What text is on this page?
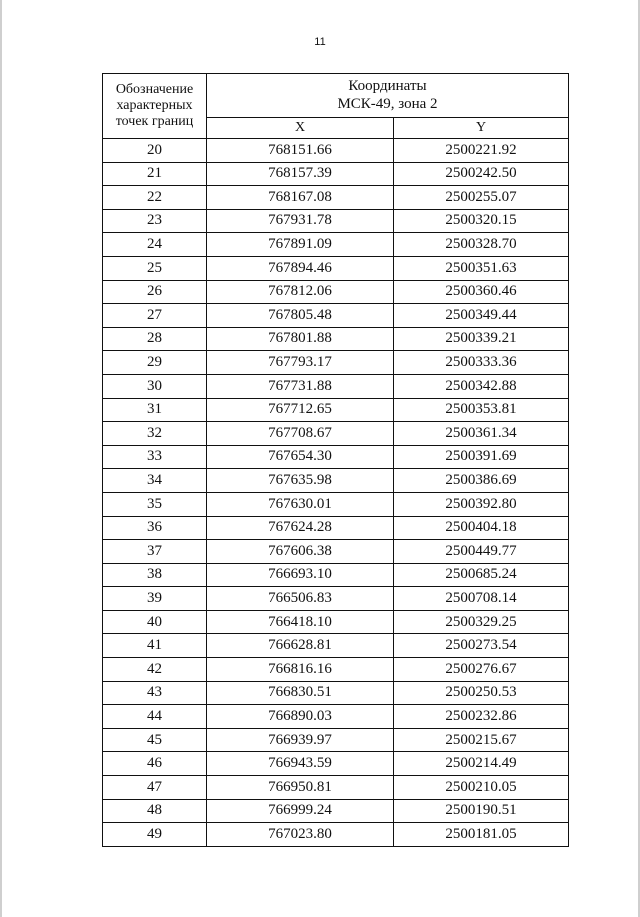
11
Обозначение
характерных
точек границ	Координаты
МСК-49, зона 2	
	X	Y
20	768151.66	2500221.92
21	768157.39	2500242.50
22	768167.08	2500255.07
23	767931.78	2500320.15
24	767891.09	2500328.70
25	767894.46	2500351.63
26	767812.06	2500360.46
27	767805.48	2500349.44
28	767801.88	2500339.21
29	767793.17	2500333.36
30	767731.88	2500342.88
31	767712.65	2500353.81
32	767708.67	2500361.34
33	767654.30	2500391.69
34	767635.98	2500386.69
35	767630.01	2500392.80
36	767624.28	2500404.18
37	767606.38	2500449.77
38	766693.10	2500685.24
39	766506.83	2500708.14
40	766418.10	2500329.25
41	766628.81	2500273.54
42	766816.16	2500276.67
43	766830.51	2500250.53
44	766890.03	2500232.86
45	766939.97	2500215.67
46	766943.59	2500214.49
47	766950.81	2500210.05
48	766999.24	2500190.51
49	767023.80	2500181.05
